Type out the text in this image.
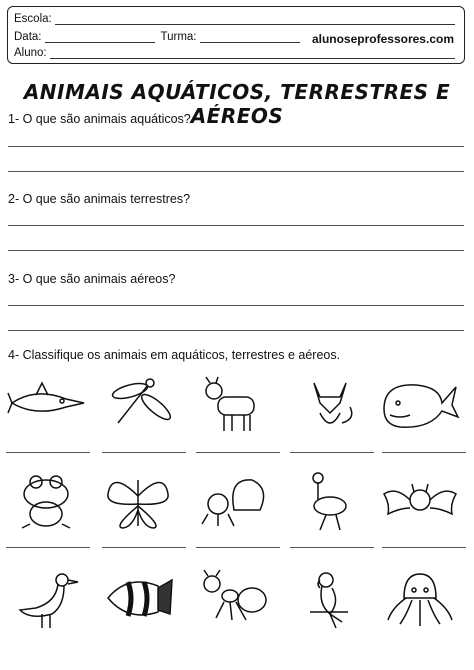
Escola:
Data:	Turma:	alunoseprofessores.com
Aluno:
ANIMAIS AQUÁTICOS, TERRESTRES E AÉREOS
1- O que são animais aquáticos?
2- O que são animais terrestres?
3- O que são animais aéreos?
4- Classifique os animais em aquáticos, terrestres e aéreos.
